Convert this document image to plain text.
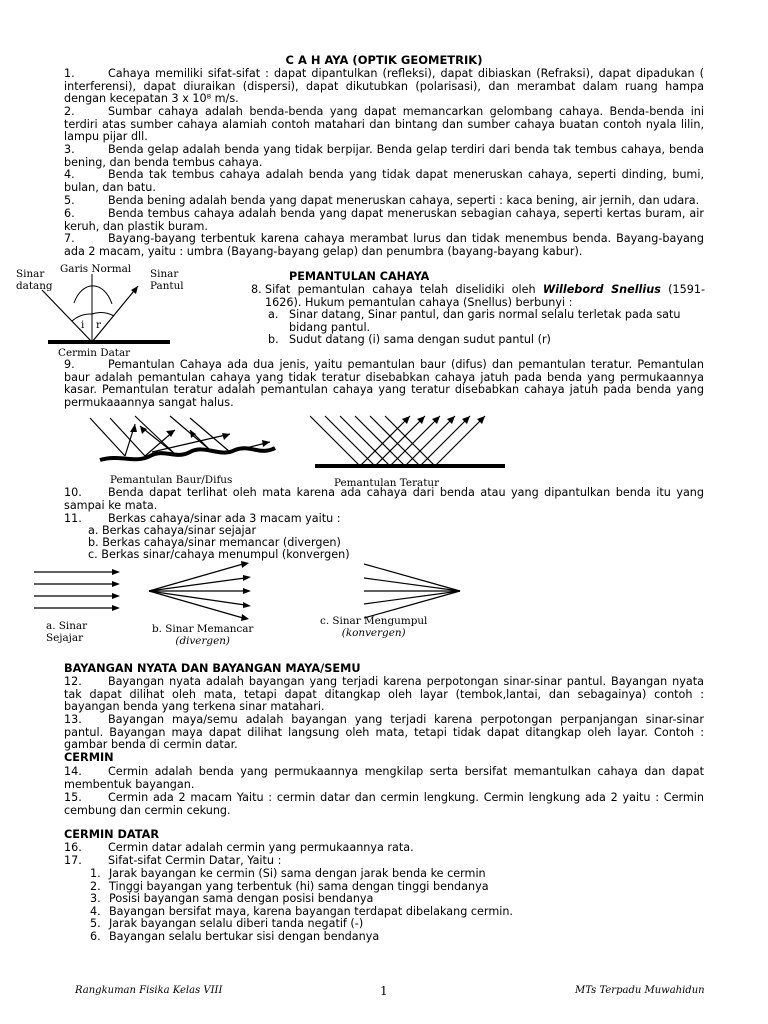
C A H AYA (OPTIK GEOMETRIK)
1.	Cahaya memiliki sifat-sifat : dapat dipantulkan (refleksi), dapat dibiaskan (Refraksi), dapat dipadukan ( interferensi), dapat diuraikan (dispersi), dapat dikutubkan (polarisasi), dan merambat dalam ruang hampa dengan kecepatan 3 x 10⁸ m/s.
2.	Sumbar cahaya adalah benda-benda yang dapat memancarkan gelombang cahaya. Benda-benda ini terdiri atas sumber cahaya alamiah contoh matahari dan bintang dan sumber cahaya buatan contoh nyala lilin, lampu pijar dll.
3.	Benda gelap adalah benda yang tidak berpijar. Benda gelap terdiri dari benda tak tembus cahaya, benda bening, dan benda tembus cahaya.
4.	Benda tak tembus cahaya adalah benda yang tidak dapat meneruskan cahaya, seperti dinding, bumi, bulan, dan batu.
5.	Benda bening adalah benda yang dapat meneruskan cahaya, seperti : kaca bening, air jernih, dan udara.
6.	Benda tembus cahaya adalah benda yang dapat meneruskan sebagian cahaya, seperti kertas buram, air keruh, dan plastik buram.
7.	Bayang-bayang terbentuk karena cahaya merambat lurus dan tidak menembus benda. Bayang-bayang ada 2 macam, yaitu : umbra (Bayang-bayang gelap) dan penumbra (bayang-bayang kabur).
Sinar
datang
Garis Normal Sinar
Pantul
i r
Cermin Datar
PEMANTULAN CAHAYA
8. Sifat pemantulan cahaya telah diselidiki oleh Willebord Snellius (1591-1626). Hukum pemantulan cahaya (Snellus) berbunyi :
a. Sinar datang, Sinar pantul, dan garis normal selalu terletak pada satu bidang pantul.
b. Sudut datang (i) sama dengan sudut pantul (r)
9.	Pemantulan Cahaya ada dua jenis, yaitu pemantulan baur (difus) dan pemantulan teratur. Pemantulan baur adalah pemantulan cahaya yang tidak teratur disebabkan cahaya jatuh pada benda yang permukaannya kasar. Pemantulan teratur adalah pemantulan cahaya yang teratur disebabkan cahaya jatuh pada benda yang permukaaannya sangat halus.
Pemantulan Baur/Difus	Pemantulan Teratur
10.	Benda dapat terlihat oleh mata karena ada cahaya dari benda atau yang dipantulkan benda itu yang sampai ke mata.
11.	Berkas cahaya/sinar ada 3 macam yaitu :
a. Berkas cahaya/sinar sejajar
b. Berkas cahaya/sinar memancar (divergen)
c. Berkas sinar/cahaya menumpul (konvergen)
a. Sinar
Sejajar
b. Sinar Memancar
(divergen)
c. Sinar Mengumpul
(konvergen)
BAYANGAN NYATA DAN BAYANGAN MAYA/SEMU
12.	Bayangan nyata adalah bayangan yang terjadi karena perpotongan sinar-sinar pantul. Bayangan nyata tak dapat dilihat oleh mata, tetapi dapat ditangkap oleh layar (tembok,lantai, dan sebagainya) contoh : bayangan benda yang terkena sinar matahari.
13.	Bayangan maya/semu adalah bayangan yang terjadi karena perpotongan perpanjangan sinar-sinar pantul. Bayangan maya dapat dilihat langsung oleh mata, tetapi tidak dapat ditangkap oleh layar. Contoh : gambar benda di cermin datar.
CERMIN
14.	Cermin adalah benda yang permukaannya mengkilap serta bersifat memantulkan cahaya dan dapat membentuk bayangan.
15.	Cermin ada 2 macam Yaitu : cermin datar dan cermin lengkung. Cermin lengkung ada 2 yaitu : Cermin cembung dan cermin cekung.
CERMIN DATAR
16.	Cermin datar adalah cermin yang permukaannya rata.
17.	Sifat-sifat Cermin Datar, Yaitu :
1. Jarak bayangan ke cermin (Si) sama dengan jarak benda ke cermin
2. Tinggi bayangan yang terbentuk (hi) sama dengan tinggi bendanya
3. Posisi bayangan sama dengan posisi bendanya
4. Bayangan bersifat maya, karena bayangan terdapat dibelakang cermin.
5. Jarak bayangan selalu diberi tanda negatif (-)
6. Bayangan selalu bertukar sisi dengan bendanya
Rangkuman Fisika Kelas VIII	1	MTs Terpadu Muwahidun
